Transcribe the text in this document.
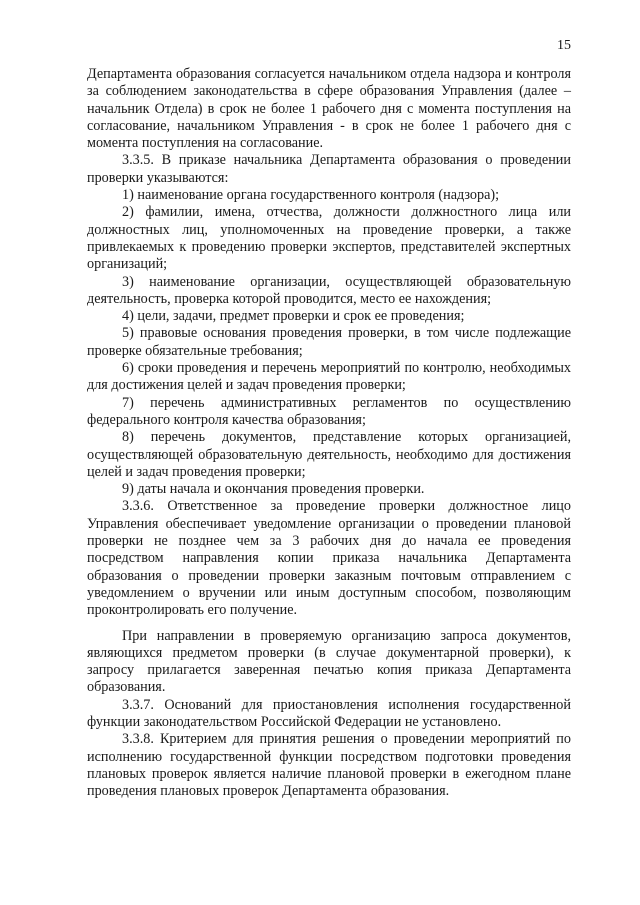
15

Департамента образования согласуется начальником отдела надзора и контроля за соблюдением законодательства в сфере образования Управления (далее – начальник Отдела) в срок не более 1 рабочего дня с момента поступления на согласование, начальником Управления - в срок не более 1 рабочего дня с момента поступления на согласование.

3.3.5. В приказе начальника Департамента образования о проведении проверки указываются:

1) наименование органа государственного контроля (надзора);

2) фамилии, имена, отчества, должности должностного лица или должностных лиц, уполномоченных на проведение проверки, а также привлекаемых к проведению проверки экспертов, представителей экспертных организаций;

3) наименование организации, осуществляющей образовательную деятельность, проверка которой проводится, место ее нахождения;

4) цели, задачи, предмет проверки и срок ее проведения;

5) правовые основания проведения проверки, в том числе подлежащие проверке обязательные требования;

6) сроки проведения и перечень мероприятий по контролю, необходимых для достижения целей и задач проведения проверки;

7) перечень административных регламентов по осуществлению федерального контроля качества образования;

8) перечень документов, представление которых организацией, осуществляющей образовательную деятельность, необходимо для достижения целей и задач проведения проверки;

9) даты начала и окончания проведения проверки.

3.3.6. Ответственное за проведение проверки должностное лицо Управления обеспечивает уведомление организации о проведении плановой проверки не позднее чем за 3 рабочих дня до начала ее проведения посредством направления копии приказа начальника Департамента образования о проведении проверки заказным почтовым отправлением с уведомлением о вручении или иным доступным способом, позволяющим проконтролировать его получение.

При направлении в проверяемую организацию запроса документов, являющихся предметом проверки (в случае документарной проверки), к запросу прилагается заверенная печатью копия приказа Департамента образования.

3.3.7. Оснований для приостановления исполнения государственной функции законодательством Российской Федерации не установлено.

3.3.8. Критерием для принятия решения о проведении мероприятий по исполнению государственной функции посредством подготовки проведения плановых проверок является наличие плановой проверки в ежегодном плане проведения плановых проверок Департамента образования.
